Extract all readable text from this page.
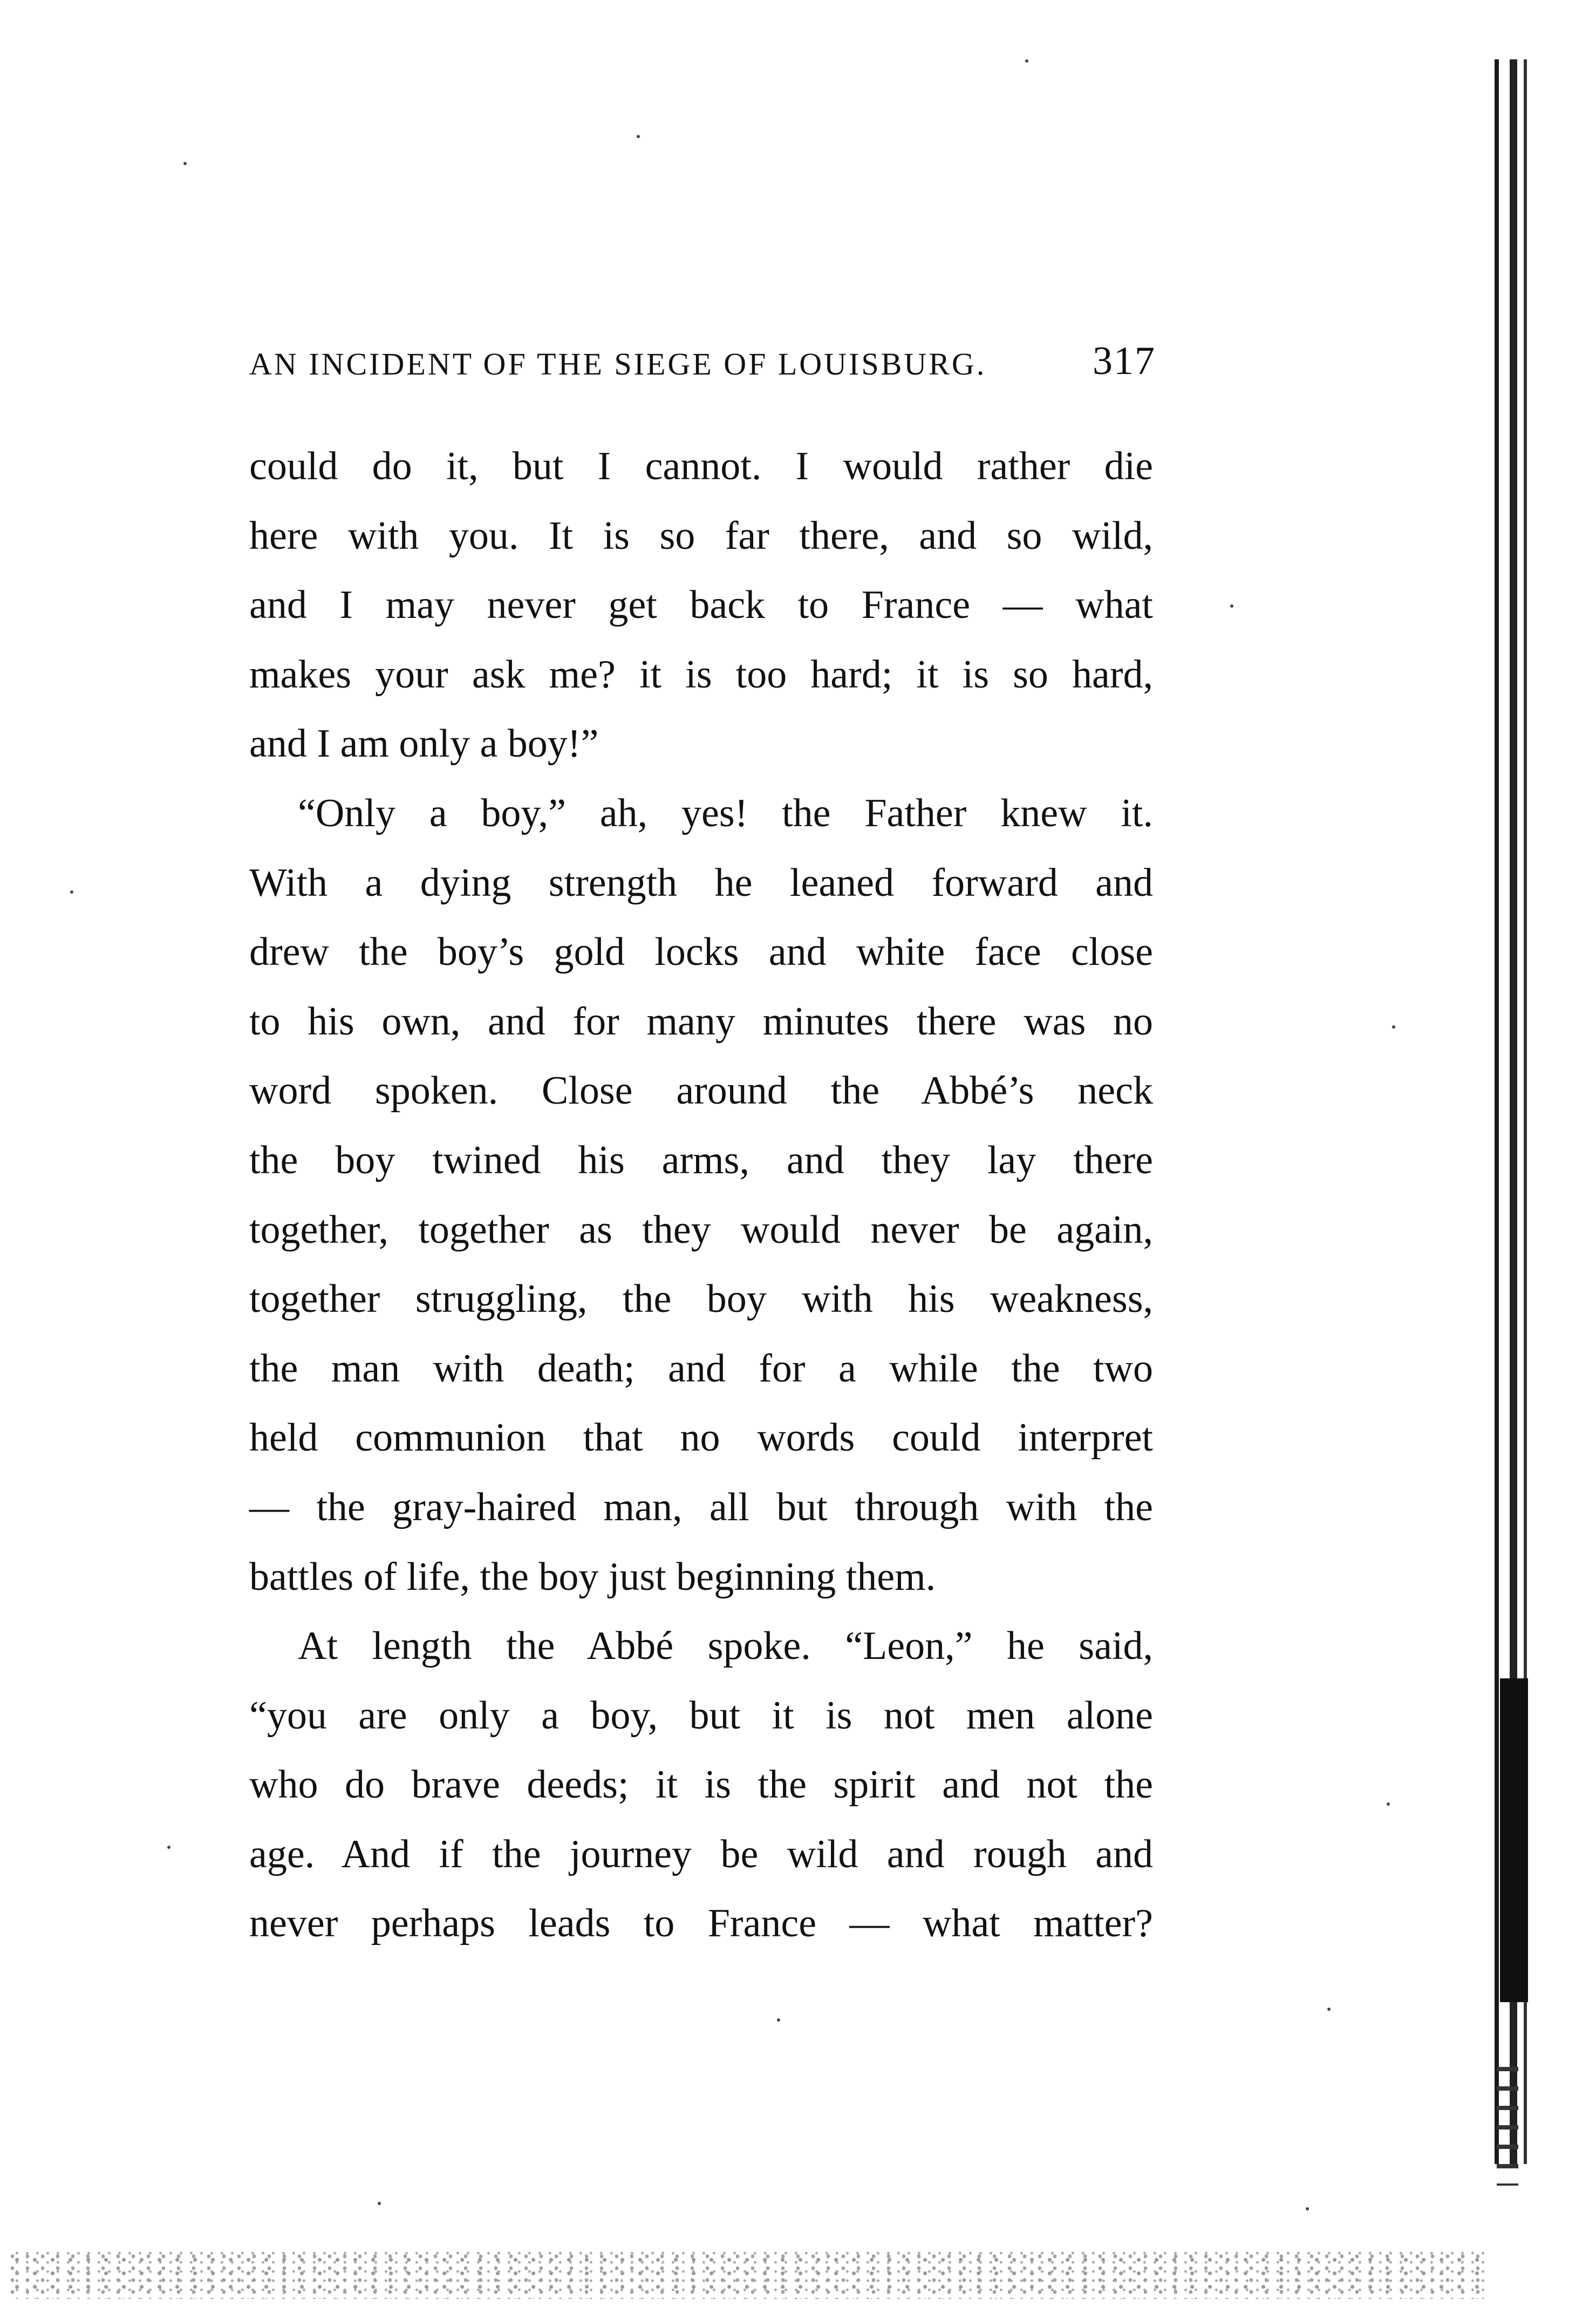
AN INCIDENT OF THE SIEGE OF LOUISBURG.	317
could do it, but I cannot. I would rather die
here with you. It is so far there, and so wild,
and I may never get back to France — what
makes your ask me? it is too hard; it is so hard,
and I am only a boy!”
“Only a boy,” ah, yes! the Father knew it.
With a dying strength he leaned forward and
drew the boy’s gold locks and white face close
to his own, and for many minutes there was no
word spoken. Close around the Abbé’s neck
the boy twined his arms, and they lay there
together, together as they would never be again,
together struggling, the boy with his weakness,
the man with death; and for a while the two
held communion that no words could interpret
— the gray-haired man, all but through with the
battles of life, the boy just beginning them.
At length the Abbé spoke. “Leon,” he said,
“you are only a boy, but it is not men alone
who do brave deeds; it is the spirit and not the
age. And if the journey be wild and rough and
never perhaps leads to France — what matter?
